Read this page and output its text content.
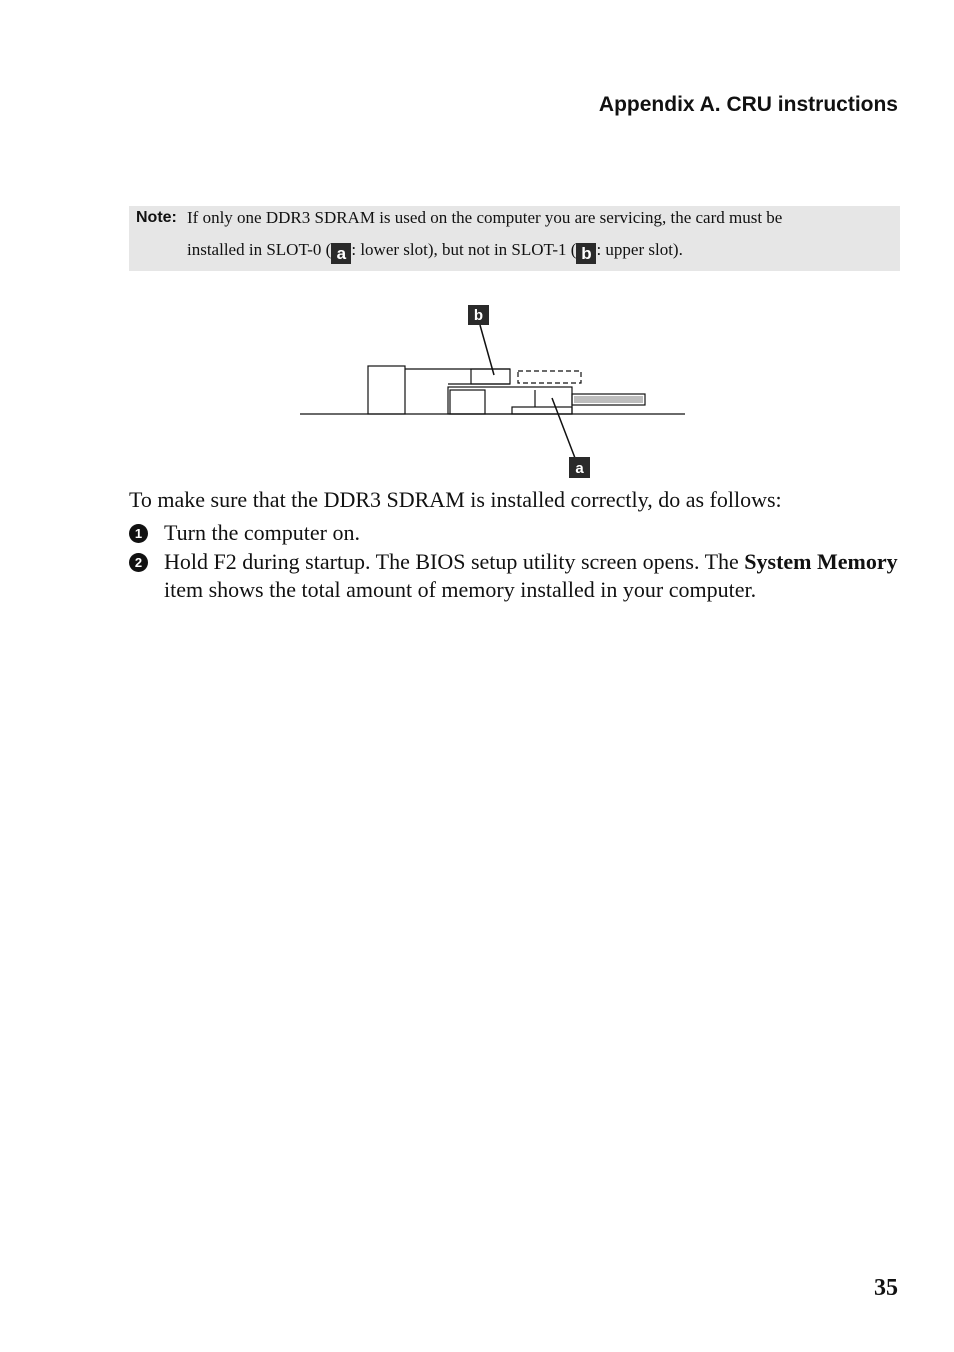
Appendix A. CRU instructions
Note: If only one DDR3 SDRAM is used on the computer you are servicing, the card must be
installed in SLOT-0 ( a : lower slot), but not in SLOT-1 ( b : upper slot).
b
a
To make sure that the DDR3 SDRAM is installed correctly, do as follows:
1 Turn the computer on.
2 Hold F2 during startup. The BIOS setup utility screen opens. The System Memory item shows the total amount of memory installed in your computer.
35
